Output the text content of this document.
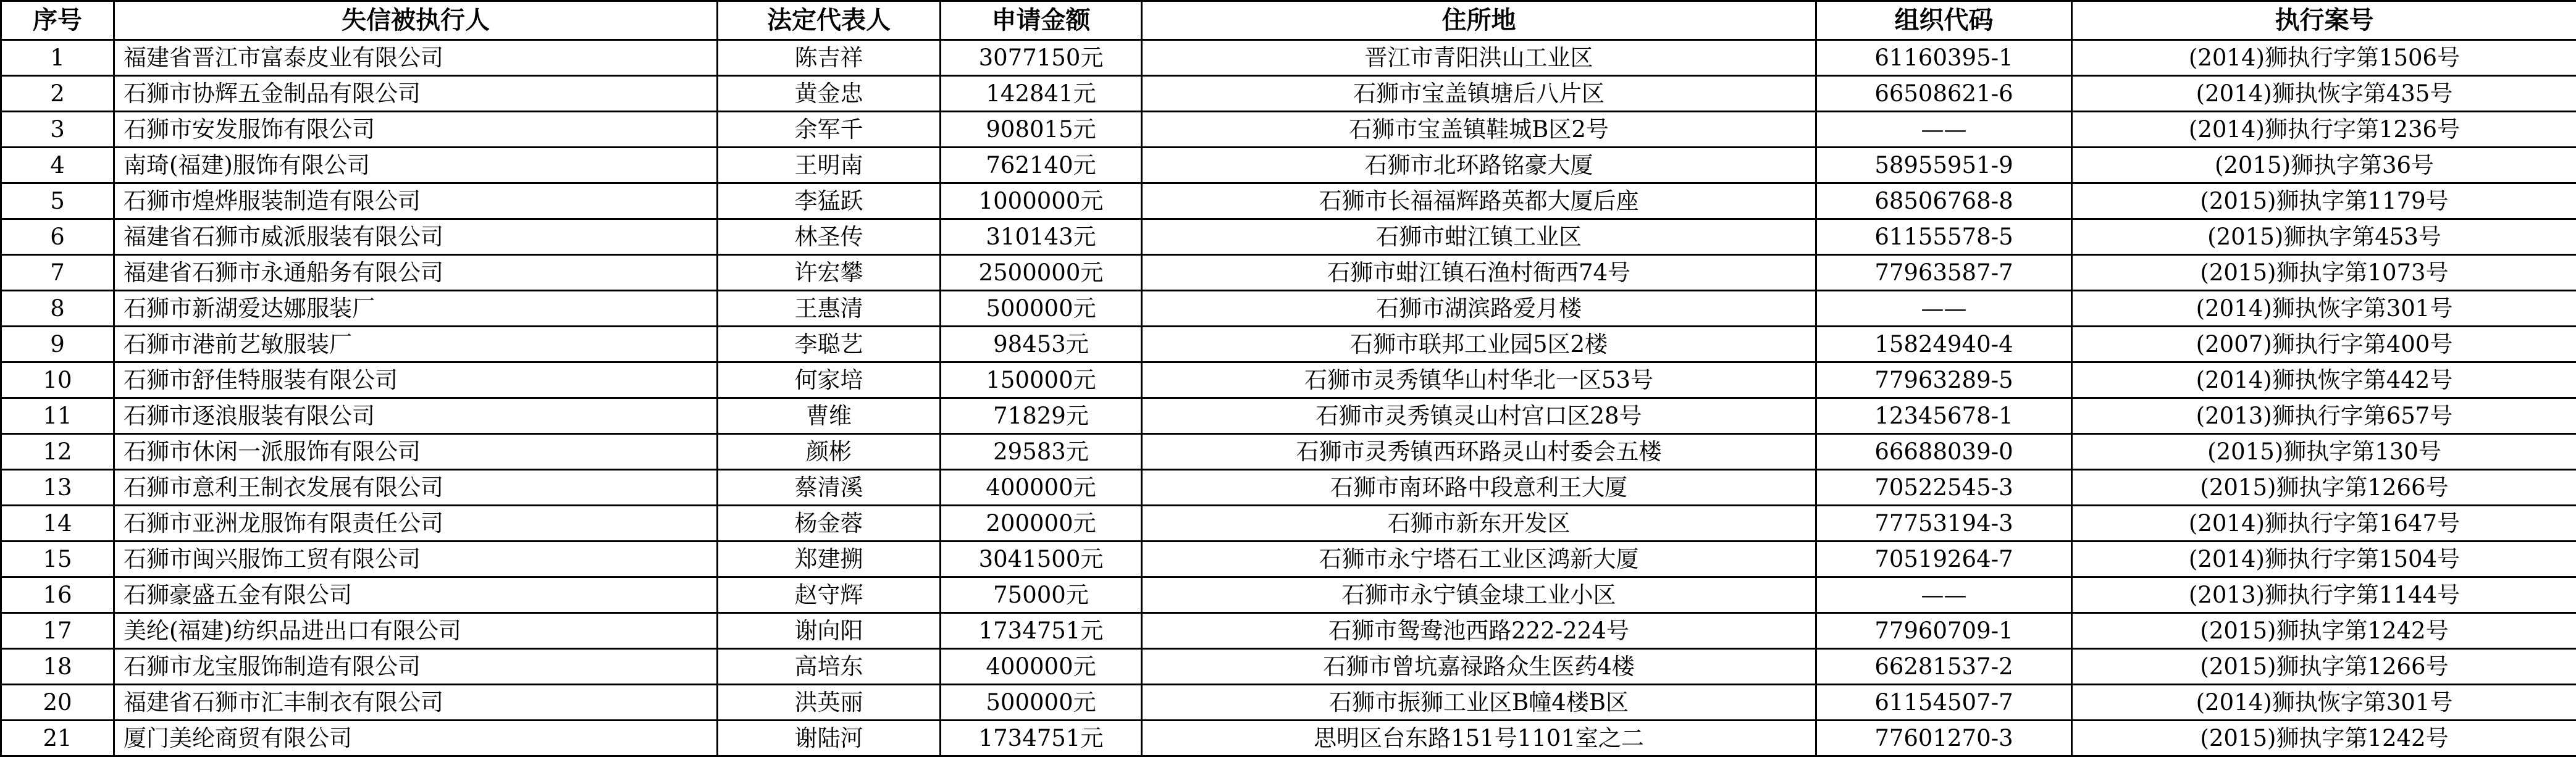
序号	失信被执行人	法定代表人	申请金额	住所地	组织代码	执行案号
1	福建省晋江市富泰皮业有限公司	陈吉祥	3077150元	晋江市青阳洪山工业区	61160395-1	(2014)狮执行字第1506号
2	石狮市协辉五金制品有限公司	黄金忠	142841元	石狮市宝盖镇塘后八片区	66508621-6	(2014)狮执恢字第435号
3	石狮市安发服饰有限公司	余军千	908015元	石狮市宝盖镇鞋城B区2号	——	(2014)狮执行字第1236号
4	南琦(福建)服饰有限公司	王明南	762140元	石狮市北环路铭豪大厦	58955951-9	(2015)狮执字第36号
5	石狮市煌烨服装制造有限公司	李猛跃	1000000元	石狮市长福福辉路英都大厦后座	68506768-8	(2015)狮执字第1179号
6	福建省石狮市威派服装有限公司	林圣传	310143元	石狮市蚶江镇工业区	61155578-5	(2015)狮执字第453号
7	福建省石狮市永通船务有限公司	许宏攀	2500000元	石狮市蚶江镇石渔村衙西74号	77963587-7	(2015)狮执字第1073号
8	石狮市新湖爱达娜服装厂	王惠清	500000元	石狮市湖滨路爱月楼	——	(2014)狮执恢字第301号
9	石狮市港前艺敏服装厂	李聪艺	98453元	石狮市联邦工业园5区2楼	15824940-4	(2007)狮执行字第400号
10	石狮市舒佳特服装有限公司	何家培	150000元	石狮市灵秀镇华山村华北一区53号	77963289-5	(2014)狮执恢字第442号
11	石狮市逐浪服装有限公司	曹维	71829元	石狮市灵秀镇灵山村宫口区28号	12345678-1	(2013)狮执行字第657号
12	石狮市休闲一派服饰有限公司	颜彬	29583元	石狮市灵秀镇西环路灵山村委会五楼	66688039-0	(2015)狮执字第130号
13	石狮市意利王制衣发展有限公司	蔡清溪	400000元	石狮市南环路中段意利王大厦	70522545-3	(2015)狮执字第1266号
14	石狮市亚洲龙服饰有限责任公司	杨金蓉	200000元	石狮市新东开发区	77753194-3	(2014)狮执行字第1647号
15	石狮市闽兴服饰工贸有限公司	郑建搠	3041500元	石狮市永宁塔石工业区鸿新大厦	70519264-7	(2014)狮执行字第1504号
16	石狮豪盛五金有限公司	赵守辉	75000元	石狮市永宁镇金埭工业小区	——	(2013)狮执行字第1144号
17	美纶(福建)纺织品进出口有限公司	谢向阳	1734751元	石狮市鸳鸯池西路222-224号	77960709-1	(2015)狮执字第1242号
18	石狮市龙宝服饰制造有限公司	高培东	400000元	石狮市曾坑嘉禄路众生医药4楼	66281537-2	(2015)狮执字第1266号
20	福建省石狮市汇丰制衣有限公司	洪英丽	500000元	石狮市振狮工业区B幢4楼B区	61154507-7	(2014)狮执恢字第301号
21	厦门美纶商贸有限公司	谢陆河	1734751元	思明区台东路151号1101室之二	77601270-3	(2015)狮执字第1242号
